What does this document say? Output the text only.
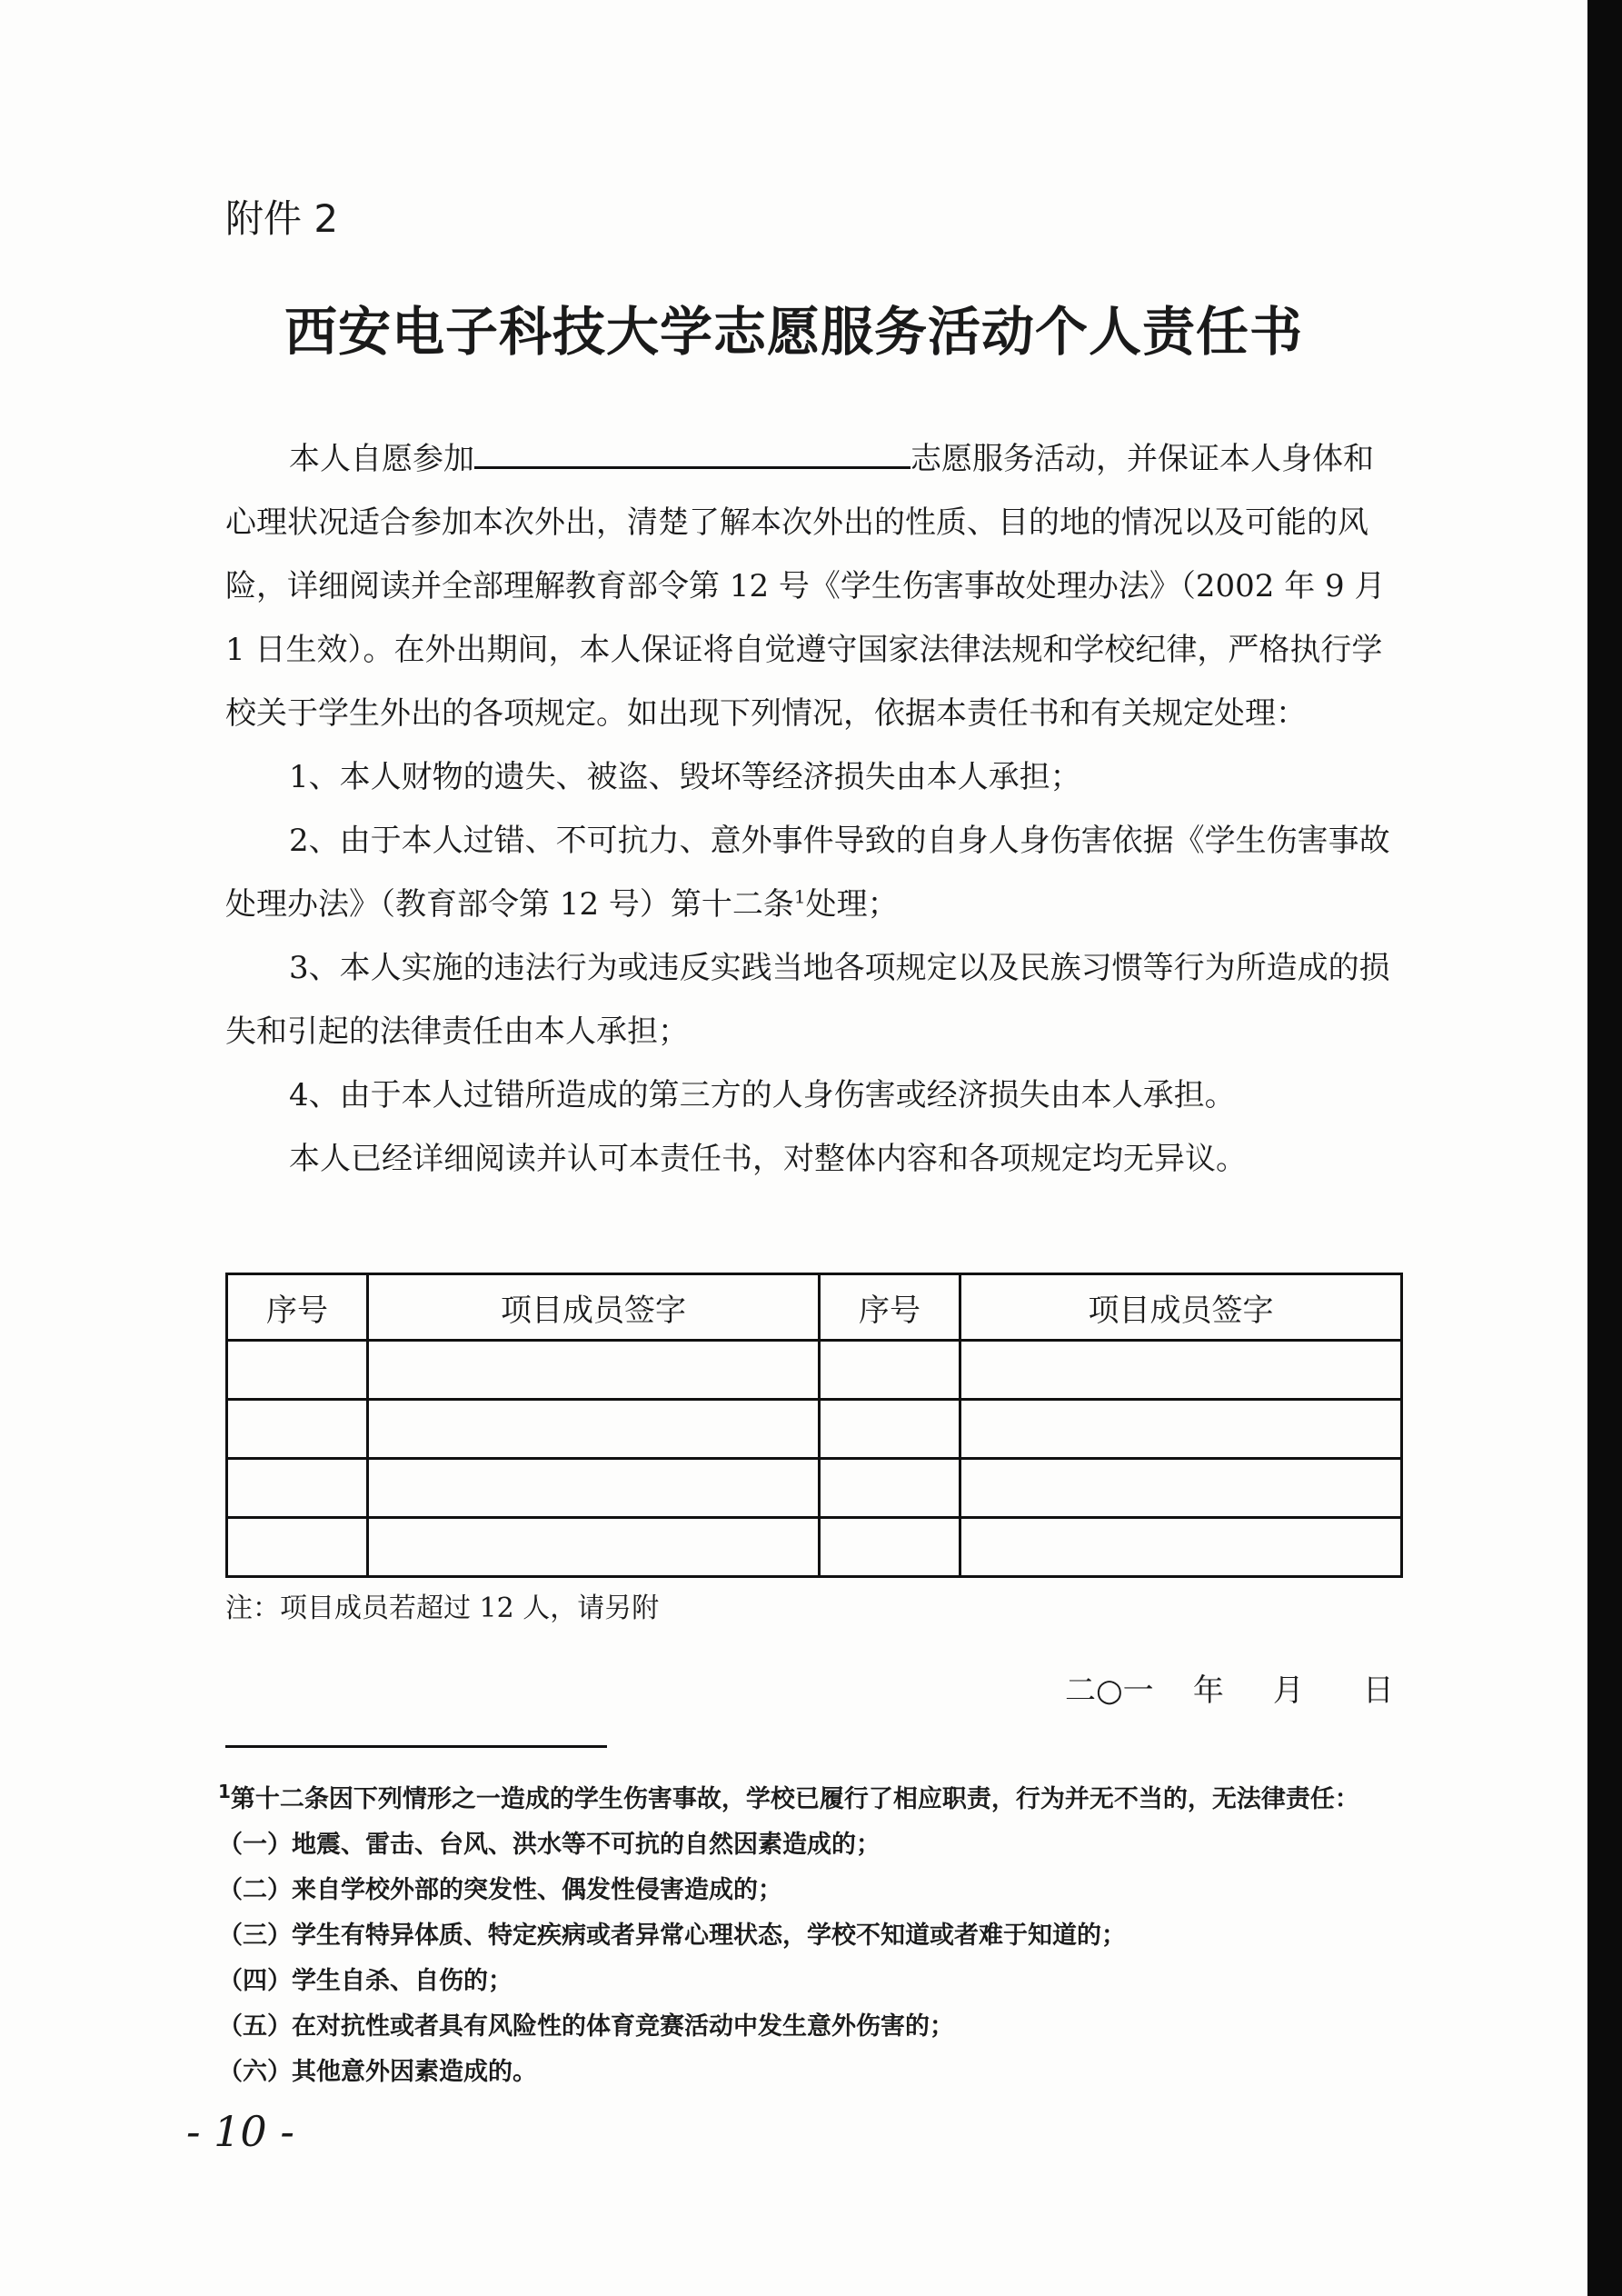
附件 2
西安电子科技大学志愿服务活动个人责任书

本人自愿参加	志愿服务活动，并保证本人身体和心理状况适合参加本次外出，清楚了解本次外出的性质、目的地的情况以及可能的风险，详细阅读并全部理解教育部令第 12 号《学生伤害事故处理办法》（2002 年 9 月 1 日生效）。在外出期间，本人保证将自觉遵守国家法律法规和学校纪律，严格执行学校关于学生外出的各项规定。如出现下列情况，依据本责任书和有关规定处理：

1、本人财物的遗失、被盗、毁坏等经济损失由本人承担；

2、由于本人过错、不可抗力、意外事件导致的自身人身伤害依据《学生伤害事故处理办法》（教育部令第 12 号）第十二条$^1$处理；

3、本人实施的违法行为或违反实践当地各项规定以及民族习惯等行为所造成的损失和引起的法律责任由本人承担；

4、由于本人过错所造成的第三方的人身伤害或经济损失由本人承担。

本人已经详细阅读并认可本责任书，对整体内容和各项规定均无异议。

序号	项目成员签字	序号	项目成员签字

注：项目成员若超过 12 人，请另附
二○一    年     月      日
$^1$第十二条因下列情形之一造成的学生伤害事故，学校已履行了相应职责，行为并无不当的，无法律责任：
（一）地震、雷击、台风、洪水等不可抗的自然因素造成的；
（二）来自学校外部的突发性、偶发性侵害造成的；
（三）学生有特异体质、特定疾病或者异常心理状态，学校不知道或者难于知道的；
（四）学生自杀、自伤的；
（五）在对抗性或者具有风险性的体育竞赛活动中发生意外伤害的；
（六）其他意外因素造成的。
- 10 -
